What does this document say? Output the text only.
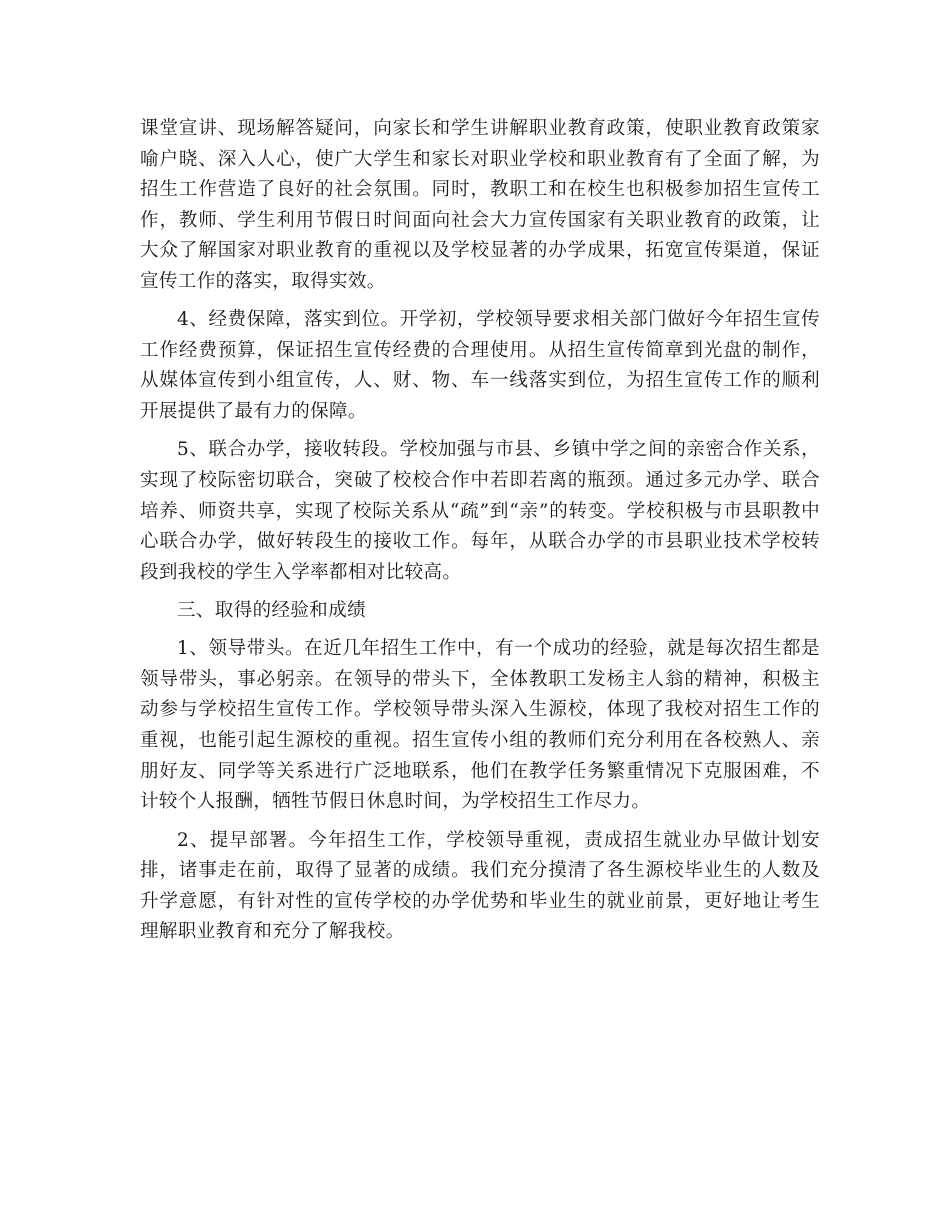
课堂宣讲、现场解答疑问，向家长和学生讲解职业教育政策，使职业教育政策家喻户晓、深入人心，使广大学生和家长对职业学校和职业教育有了全面了解，为招生工作营造了良好的社会氛围。同时，教职工和在校生也积极参加招生宣传工作，教师、学生利用节假日时间面向社会大力宣传国家有关职业教育的政策，让大众了解国家对职业教育的重视以及学校显著的办学成果，拓宽宣传渠道，保证宣传工作的落实，取得实效。

4、经费保障，落实到位。开学初，学校领导要求相关部门做好今年招生宣传工作经费预算，保证招生宣传经费的合理使用。从招生宣传简章到光盘的制作，从媒体宣传到小组宣传，人、财、物、车一线落实到位，为招生宣传工作的顺利开展提供了最有力的保障。

5、联合办学，接收转段。学校加强与市县、乡镇中学之间的亲密合作关系，实现了校际密切联合，突破了校校合作中若即若离的瓶颈。通过多元办学、联合培养、师资共享，实现了校际关系从“疏”到“亲”的转变。学校积极与市县职教中心联合办学，做好转段生的接收工作。每年，从联合办学的市县职业技术学校转段到我校的学生入学率都相对比较高。

三、取得的经验和成绩

1、领导带头。在近几年招生工作中，有一个成功的经验，就是每次招生都是领导带头，事必躬亲。在领导的带头下，全体教职工发杨主人翁的精神，积极主动参与学校招生宣传工作。学校领导带头深入生源校，体现了我校对招生工作的重视，也能引起生源校的重视。招生宣传小组的教师们充分利用在各校熟人、亲朋好友、同学等关系进行广泛地联系，他们在教学任务繁重情况下克服困难，不计较个人报酬，牺牲节假日休息时间，为学校招生工作尽力。

2、提早部署。今年招生工作，学校领导重视，责成招生就业办早做计划安排，诸事走在前，取得了显著的成绩。我们充分摸清了各生源校毕业生的人数及升学意愿，有针对性的宣传学校的办学优势和毕业生的就业前景，更好地让考生理解职业教育和充分了解我校。
